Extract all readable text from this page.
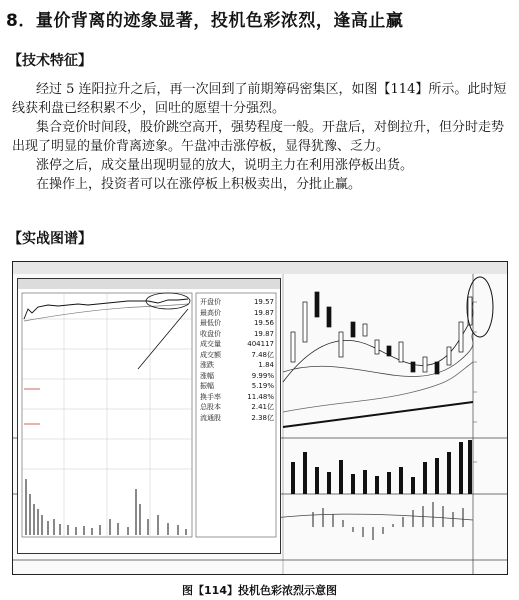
8．量价背离的迹象显著，投机色彩浓烈，逢高止赢
【技术特征】

经过 5 连阳拉升之后，再一次回到了前期筹码密集区，如图【114】所示。此时短线获利盘已经积累不少，回吐的愿望十分强烈。

集合竞价时间段，股价跳空高开，强势程度一般。开盘后，对倒拉升，但分时走势出现了明显的量价背离迹象。午盘冲击涨停板，显得犹豫、乏力。

涨停之后，成交量出现明显的放大，说明主力在利用涨停板出货。

在操作上，投资者可以在涨停板上积极卖出，分批止赢。

【实战图谱】
开盘价	19.57
最高价	19.87
最低价	19.56
收盘价	19.87
成交量	404117
成交额	7.48亿
涨跌	1.84
涨幅	9.99%
振幅	5.19%
换手率	11.48%
总股本	2.41亿
流通股	2.38亿
图【114】投机色彩浓烈示意图
